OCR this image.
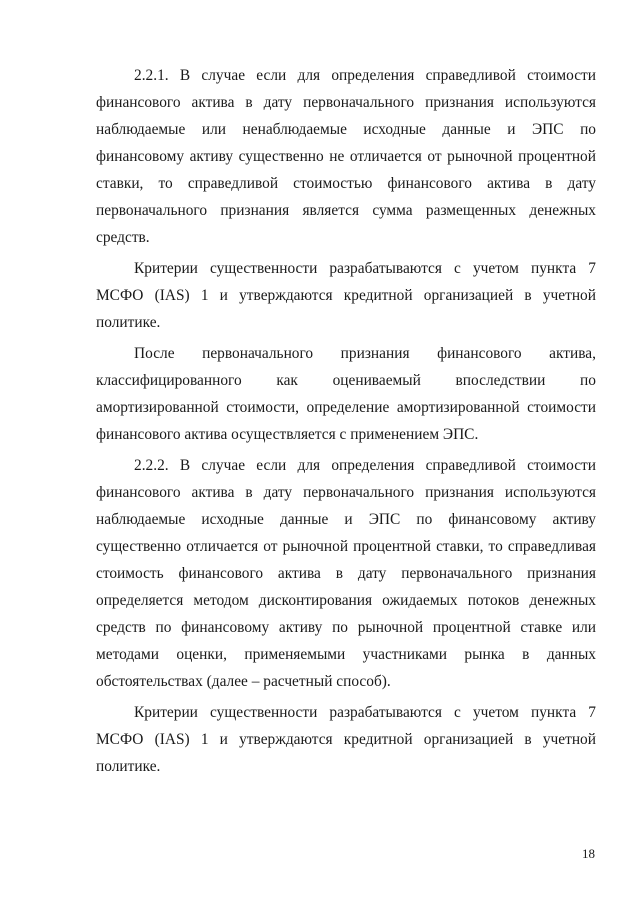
2.2.1. В случае если для определения справедливой стоимости финансового актива в дату первоначального признания используются наблюдаемые или ненаблюдаемые исходные данные и ЭПС по финансовому активу существенно не отличается от рыночной процентной ставки, то справедливой стоимостью финансового актива в дату первоначального признания является сумма размещенных денежных средств.

Критерии существенности разрабатываются с учетом пункта 7 МСФО (IAS) 1 и утверждаются кредитной организацией в учетной политике.

После первоначального признания финансового актива, классифицированного как оцениваемый впоследствии по амортизированной стоимости, определение амортизированной стоимости финансового актива осуществляется с применением ЭПС.

2.2.2. В случае если для определения справедливой стоимости финансового актива в дату первоначального признания используются наблюдаемые исходные данные и ЭПС по финансовому активу существенно отличается от рыночной процентной ставки, то справедливая стоимость финансового актива в дату первоначального признания определяется методом дисконтирования ожидаемых потоков денежных средств по финансовому активу по рыночной процентной ставке или методами оценки, применяемыми участниками рынка в данных обстоятельствах (далее – расчетный способ).

Критерии существенности разрабатываются с учетом пункта 7 МСФО (IAS) 1 и утверждаются кредитной организацией в учетной политике.

18
